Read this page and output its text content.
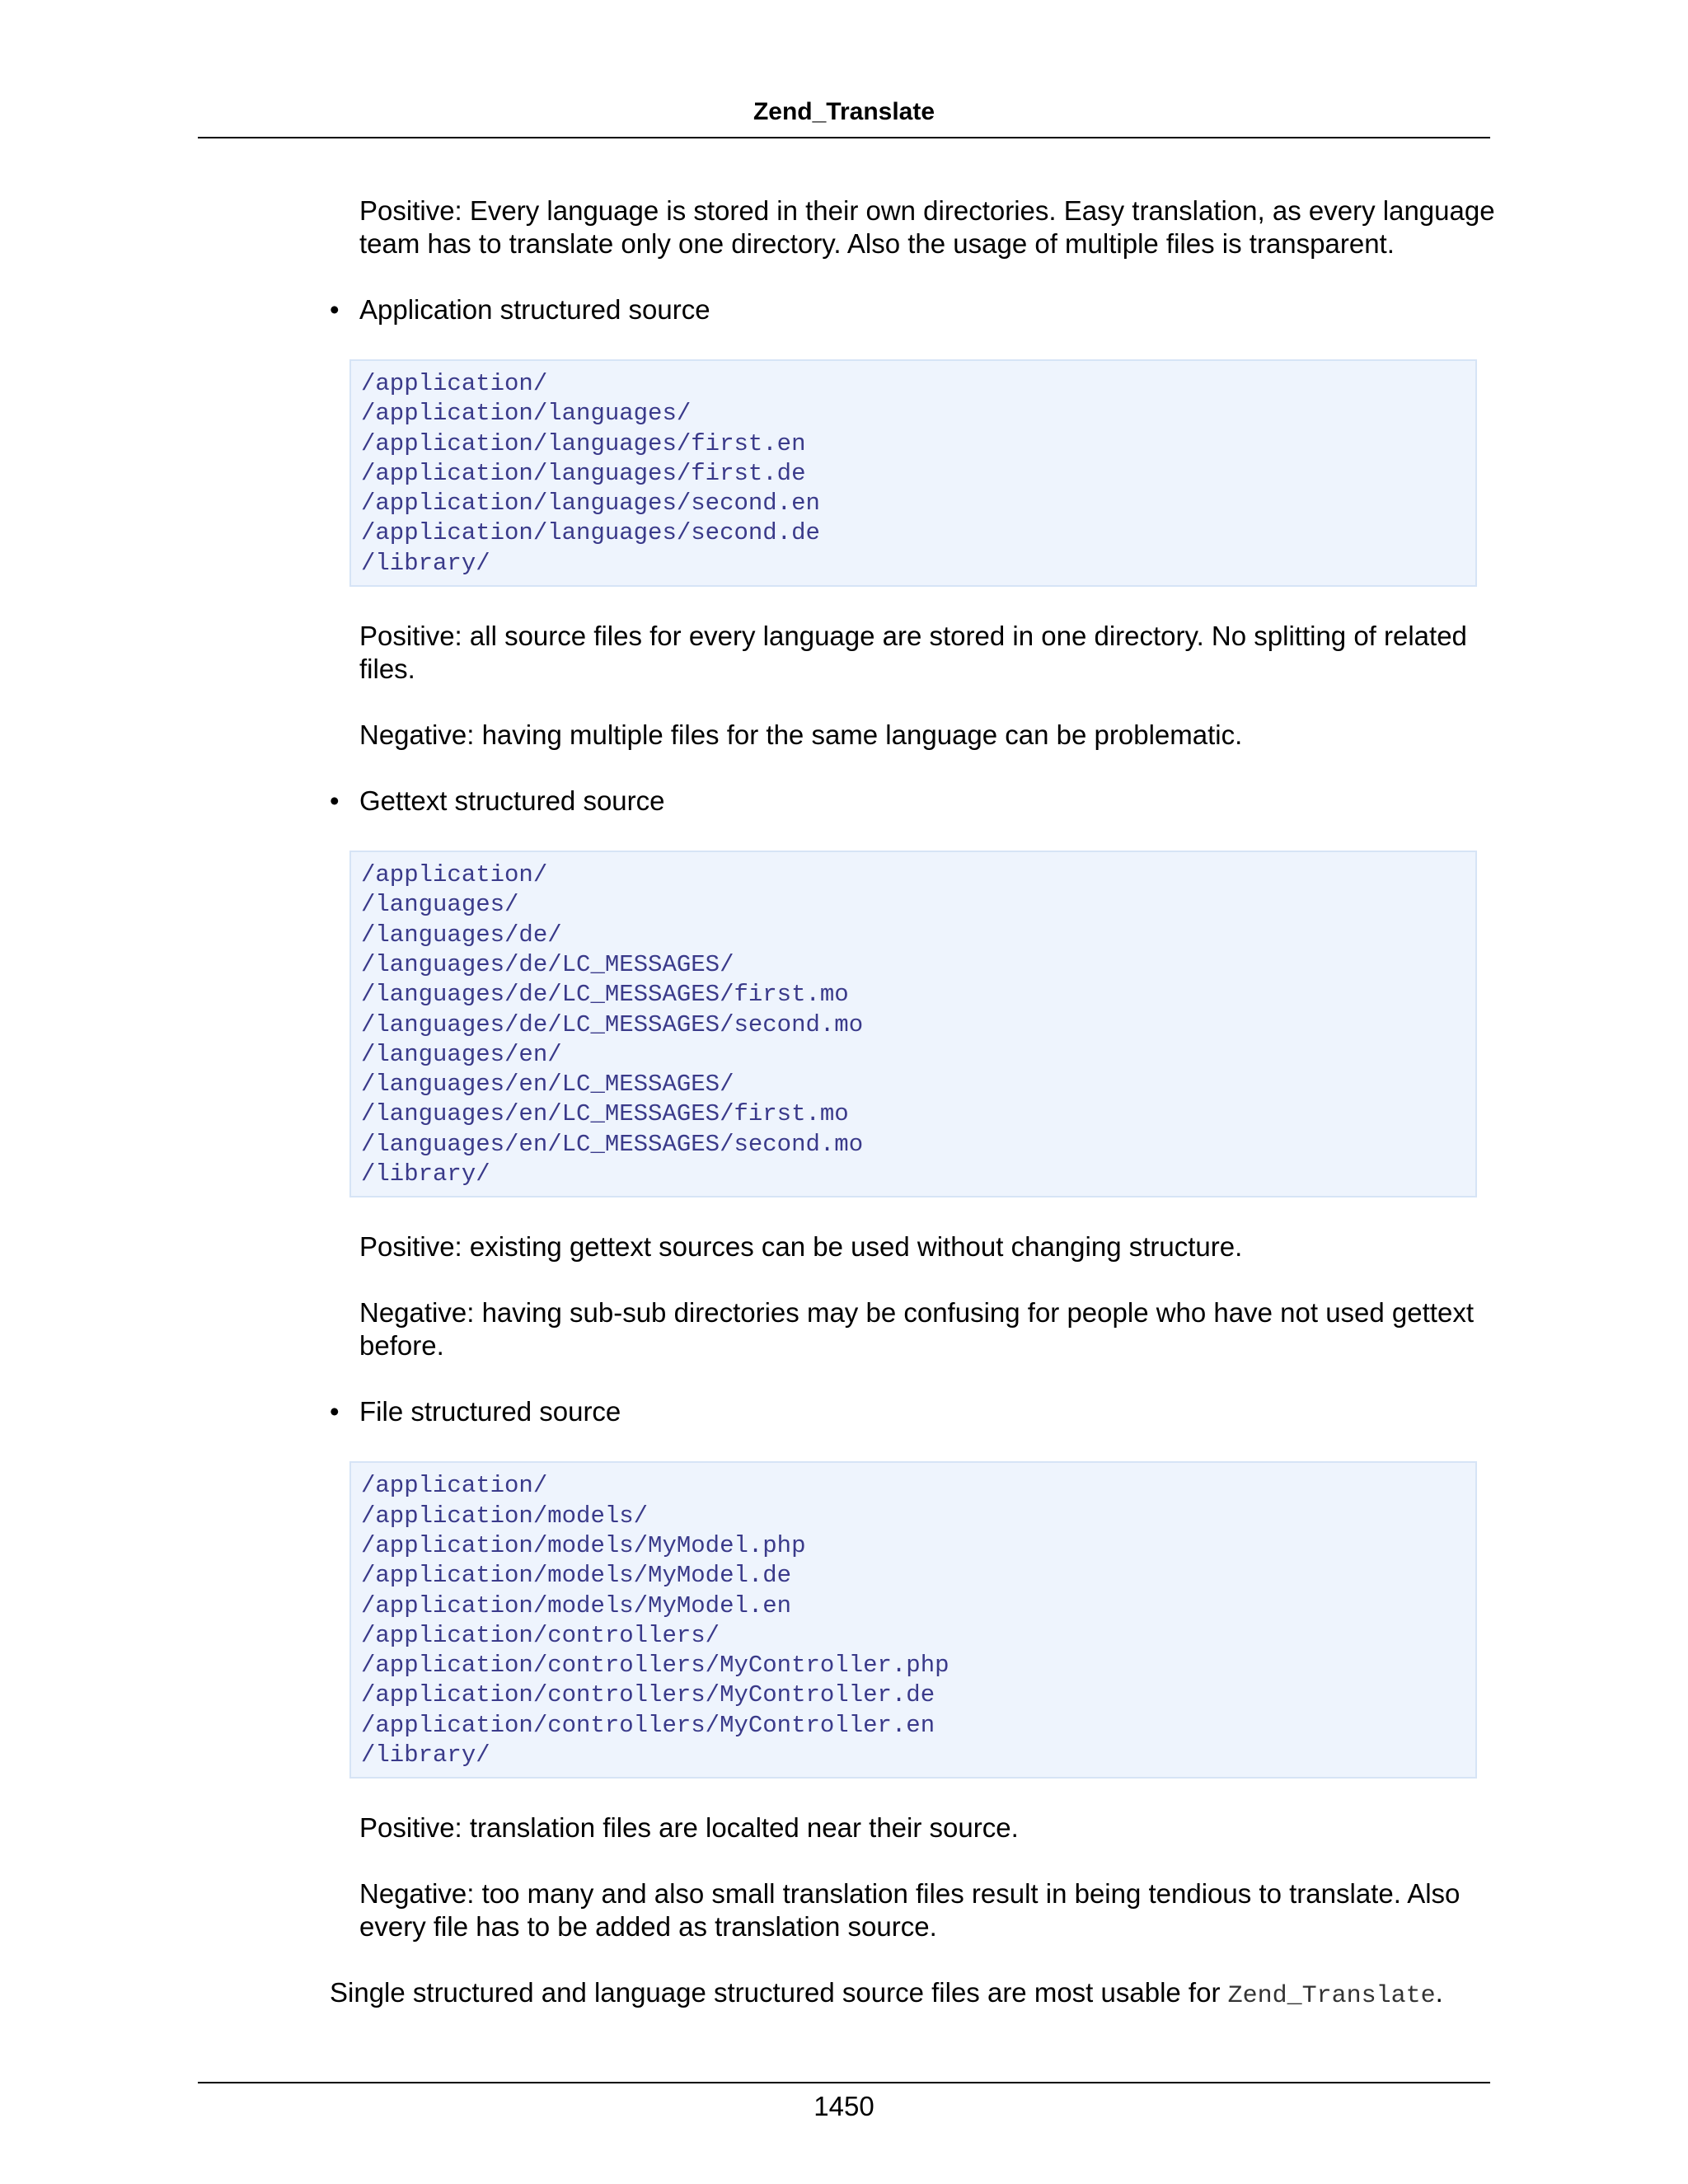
Zend_Translate

Positive: Every language is stored in their own directories. Easy translation, as every language team has to translate only one directory. Also the usage of multiple files is transparent.

• Application structured source
/application/
/application/languages/
/application/languages/first.en
/application/languages/first.de
/application/languages/second.en
/application/languages/second.de
/library/

Positive: all source files for every language are stored in one directory. No splitting of related files.

Negative: having multiple files for the same language can be problematic.

• Gettext structured source
/application/
/languages/
/languages/de/
/languages/de/LC_MESSAGES/
/languages/de/LC_MESSAGES/first.mo
/languages/de/LC_MESSAGES/second.mo
/languages/en/
/languages/en/LC_MESSAGES/
/languages/en/LC_MESSAGES/first.mo
/languages/en/LC_MESSAGES/second.mo
/library/

Positive: existing gettext sources can be used without changing structure.

Negative: having sub-sub directories may be confusing for people who have not used gettext before.

• File structured source
/application/
/application/models/
/application/models/MyModel.php
/application/models/MyModel.de
/application/models/MyModel.en
/application/controllers/
/application/controllers/MyController.php
/application/controllers/MyController.de
/application/controllers/MyController.en
/library/

Positive: translation files are localted near their source.

Negative: too many and also small translation files result in being tendious to translate. Also every file has to be added as translation source.

Single structured and language structured source files are most usable for Zend_Translate.

1450
